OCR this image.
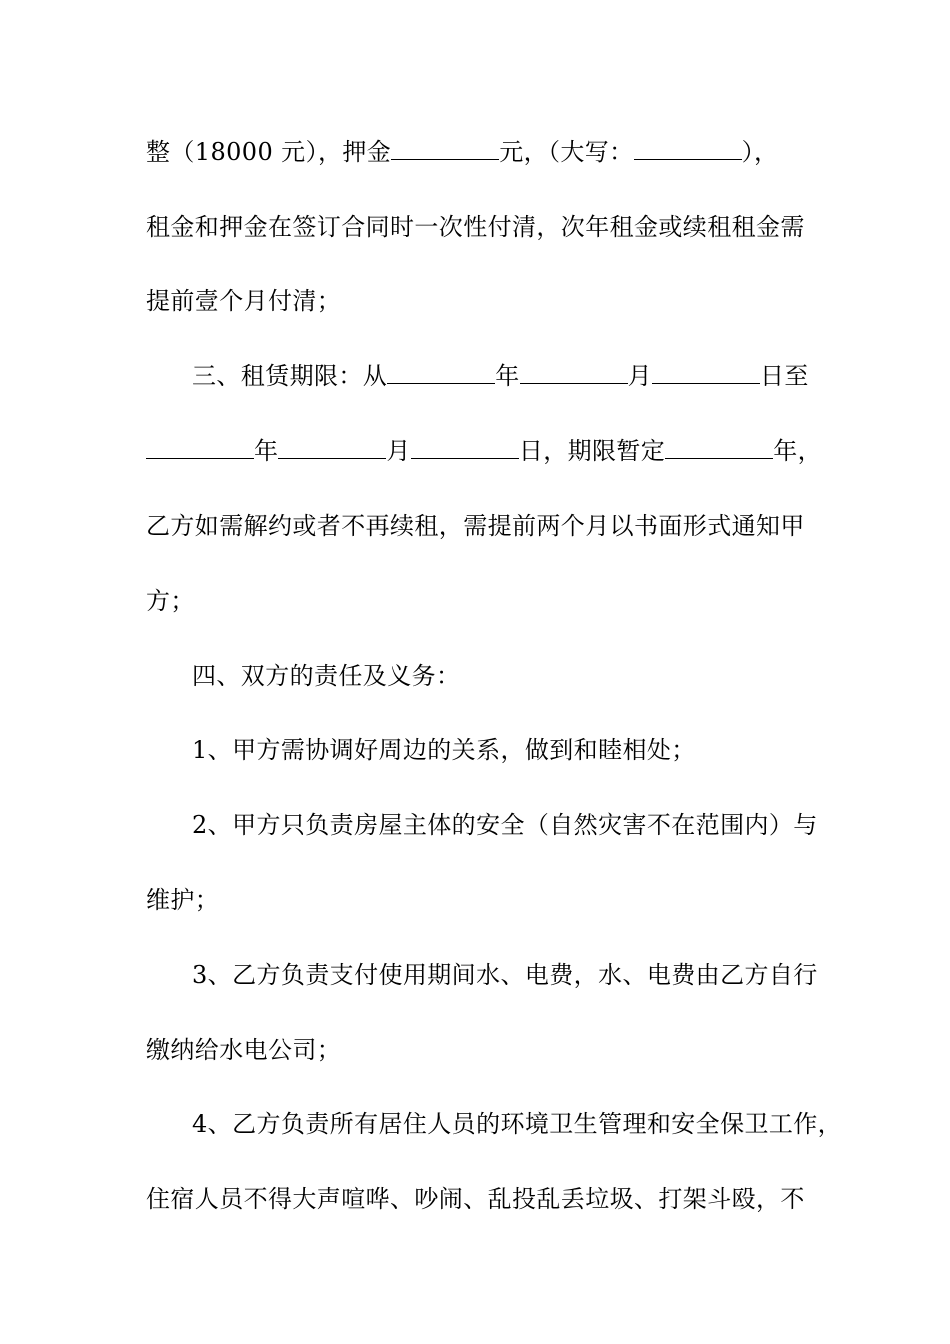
整（18000 元），押金	元，（大写：	），
租金和押金在签订合同时一次性付清，次年租金或续租租金需
提前壹个月付清；
三、租赁期限：从	年	月	日至
年	月	日，期限暂定	年，
乙方如需解约或者不再续租，需提前两个月以书面形式通知甲
方；
四、双方的责任及义务：
1、甲方需协调好周边的关系，做到和睦相处；
2、甲方只负责房屋主体的安全（自然灾害不在范围内）与
维护；
3、乙方负责支付使用期间水、电费，水、电费由乙方自行
缴纳给水电公司；
4、乙方负责所有居住人员的环境卫生管理和安全保卫工作，
住宿人员不得大声喧哗、吵闹、乱投乱丢垃圾、打架斗殴，不
